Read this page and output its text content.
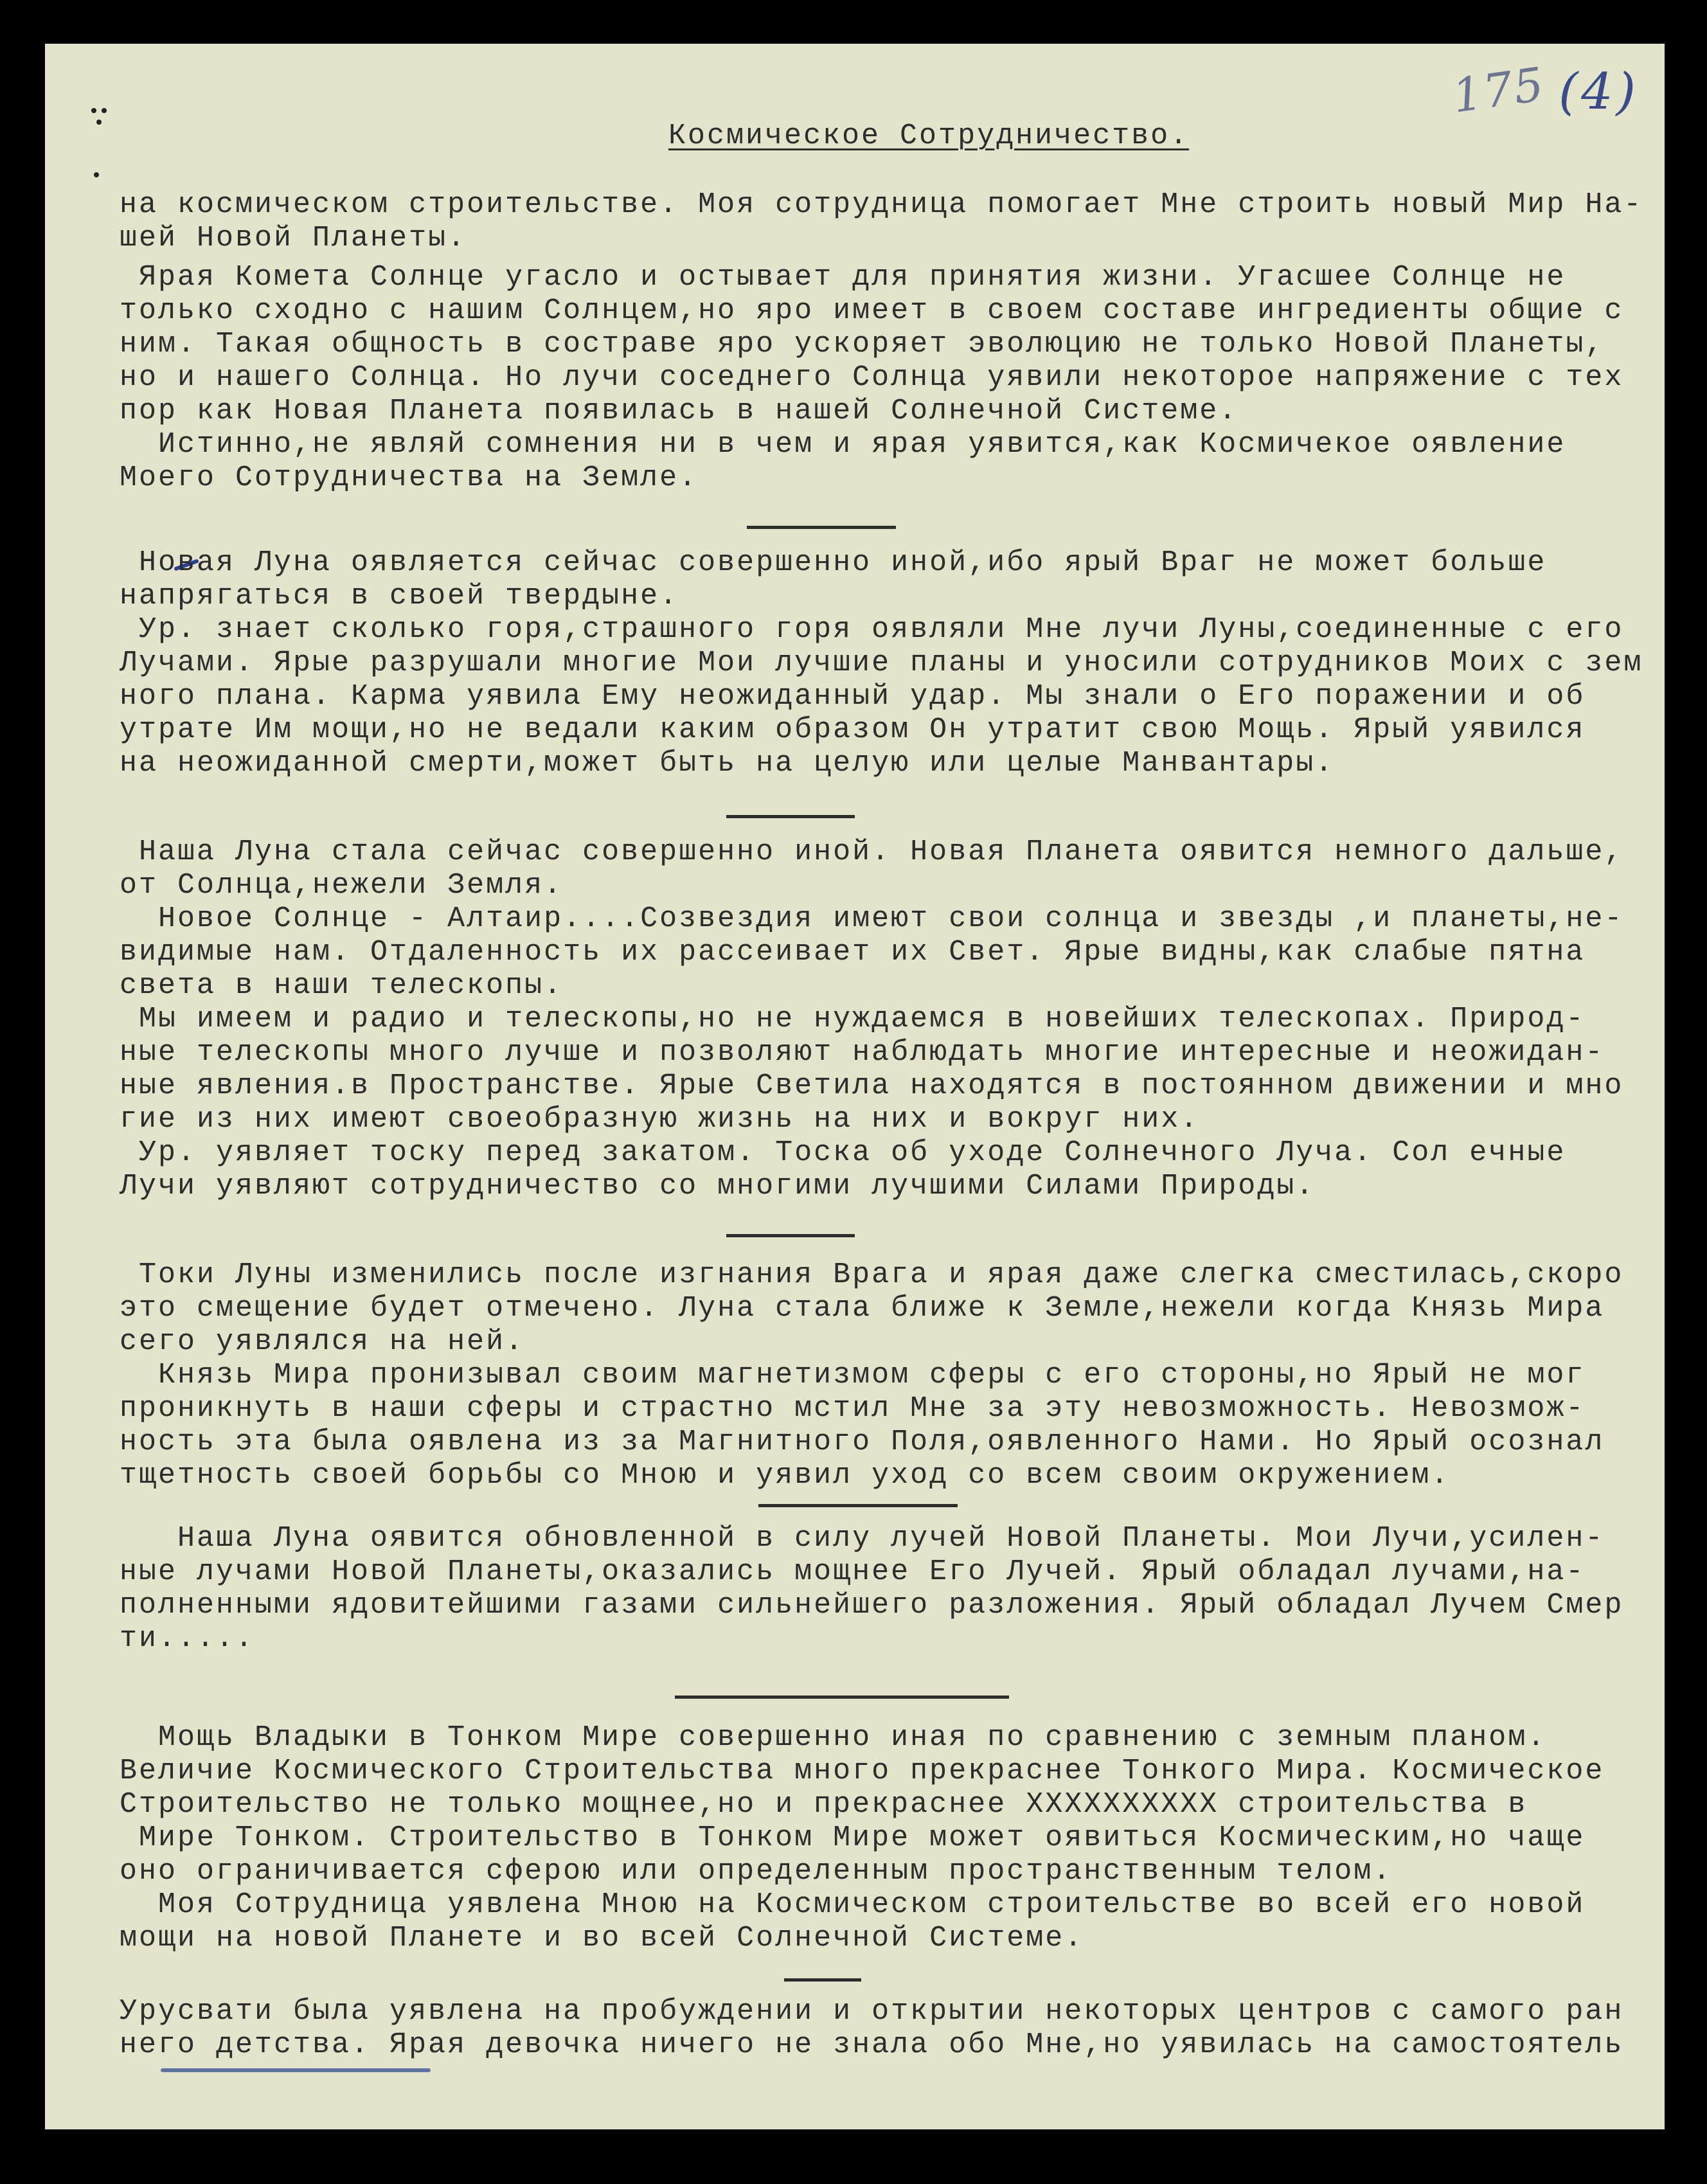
175 ( 4 )
Космическое Сотрудничество.
на космическом строительстве. Моя сотрудница помогает Мне строить новый Мир На-
шей Новой Планеты.
Ярая Комета Солнце угасло и остывает для принятия жизни. Угасшее Солнце не
только сходно с нашим Солнцем,но яро имеет в своем составе ингредиенты общие с
ним. Такая общность в сострaве яро ускоряет эволюцию не только Новой Планеты,
но и нашего Солнца. Но лучи соседнего Солнца уявили некоторое напряжение с тех
пор как Новая Планета появилась в нашей Солнечной Системе.
Истинно,не являй сомнения ни в чем и ярая уявится,как Космичекое оявление
Моего Сотрудничества на Земле.
Новая Луна оявляется сейчас совершенно иной,ибо ярый Враг не может больше
напрягаться в своей твердыне.
Ур. знает сколько горя,страшного горя оявляли Мне лучи Луны,соединенные с его
Лучами. Ярые разрушали многие Мои лучшие планы и уносили сотрудников Моих с зем
ного плана. Карма уявила Ему неожиданный удар. Мы знали о Его поражении и об
утрате Им мощи,но не ведали каким образом Он утратит свою Мощь. Ярый уявился
на неожиданной смерти,может быть на целую или целые Манвантары.
Наша Луна стала сейчас совершенно иной. Новая Планета оявится немного дальше,
от Солнца,нежели Земля.
Новое Солнце - Алтаир....Созвездия имеют свои солнца и звезды ,и планеты,не-
видимые нам. Отдаленность их рассеивает их Свет. Ярые видны,как слабые пятна
света в наши телескопы.
Мы имеем и радио и телескопы,но не нуждаемся в новейших телескопах. Природ-
ные телескопы много лучше и позволяют наблюдать многие интересные и неожидан-
ные явления.в Пространстве. Ярые Светила находятся в постоянном движении и мно
гие из них имеют своеобразную жизнь на них и вокруг них.
Ур. уявляет тоску перед закатом. Тоска об уходе Солнечного Луча. Сол ечные
Лучи уявляют сотрудничество со многими лучшими Силами Природы.
Токи Луны изменились после изгнания Врага и ярая даже слегка сместилась,скоро
это смещение будет отмечено. Луна стала ближе к Земле,нежели когда Князь Мира
сего уявлялся на ней.
Князь Мира пронизывал своим магнетизмом сферы с его стороны,но Ярый не мог
проникнуть в наши сферы и страстно мстил Мне за эту невозможность. Невозмож-
ность эта была оявлена из за Магнитного Поля,оявленного Нами. Но Ярый осознал
тщетность своей борьбы со Мною и уявил уход со всем своим окружением.
Наша Луна оявится обновленной в силу лучей Новой Планеты. Мои Лучи,усилен-
ные лучами Новой Планеты,оказались мощнее Его Лучей. Ярый обладал лучами,на-
полненными ядовитейшими газами сильнейшего разложения. Ярый обладал Лучем Смер
ти.....
Мощь Владыки в Тонком Мире совершенно иная по сравнению с земным планом.
Величие Космического Строительства много прекраснее Тонкого Мира. Космическое
Строительство не только мощнее,но и прекраснее ХХХХХХХХХХ строительства в
Мире Тонком. Строительство в Тонком Мире может оявиться Космическим,но чаще
оно ограничивается сферою или определенным пространственным телом.
Моя Сотрудница уявлена Мною на Космическом строительстве во всей его новой
мощи на новой Планете и во всей Солнечной Системе.
Урусвати была уявлена на пробуждении и открытии некоторых центров с самого ран
него детства. Ярая девочка ничего не знала обо Мне,но уявилась на самостоятель
